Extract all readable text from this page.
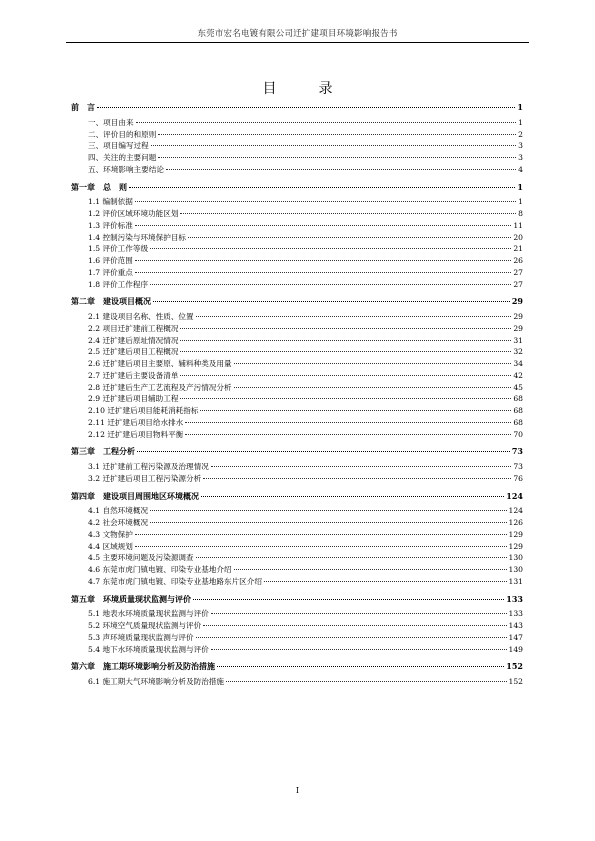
东莞市宏名电镀有限公司迁扩建项目环境影响报告书
目　录
前　言	1
一、项目由来	1
二、评价目的和原则	2
三、项目编写过程	3
四、关注的主要问题	3
五、环境影响主要结论	4
第一章　总　则	1
1.1 编制依据	1
1.2 评价区域环境功能区划	8
1.3 评价标准	11
1.4 控制污染与环境保护目标	20
1.5 评价工作等级	21
1.6 评价范围	26
1.7 评价重点	27
1.8 评价工作程序	27
第二章　建设项目概况	29
2.1 建设项目名称、性质、位置	29
2.2 项目迁扩建前工程概况	29
2.4 迁扩建后原址情况情况	31
2.5 迁扩建后项目工程概况	32
2.6 迁扩建后项目主要原、辅料种类及用量	34
2.7 迁扩建后主要设备清单	42
2.8 迁扩建后生产工艺流程及产污情况分析	45
2.9 迁扩建后项目辅助工程	68
2.10 迁扩建后项目能耗消耗指标	68
2.11 迁扩建后项目给水排水	68
2.12 迁扩建后项目物料平衡	70
第三章　工程分析	73
3.1 迁扩建前工程污染源及治理情况	73
3.2 迁扩建后项目工程污染源分析	76
第四章　建设项目周围地区环境概况	124
4.1 自然环境概况	124
4.2 社会环境概况	126
4.3 文物保护	129
4.4 区域规划	129
4.5 主要环境问题及污染源调查	130
4.6 东莞市虎门镇电镀、印染专业基地介绍	130
4.7 东莞市虎门镇电镀、印染专业基地路东片区介绍	131
第五章　环境质量现状监测与评价	133
5.1 地表水环境质量现状监测与评价	133
5.2 环境空气质量现状监测与评价	143
5.3 声环境质量现状监测与评价	147
5.4 地下水环境质量现状监测与评价	149
第六章　施工期环境影响分析及防治措施	152
6.1 施工期大气环境影响分析及防治措施	152
I
